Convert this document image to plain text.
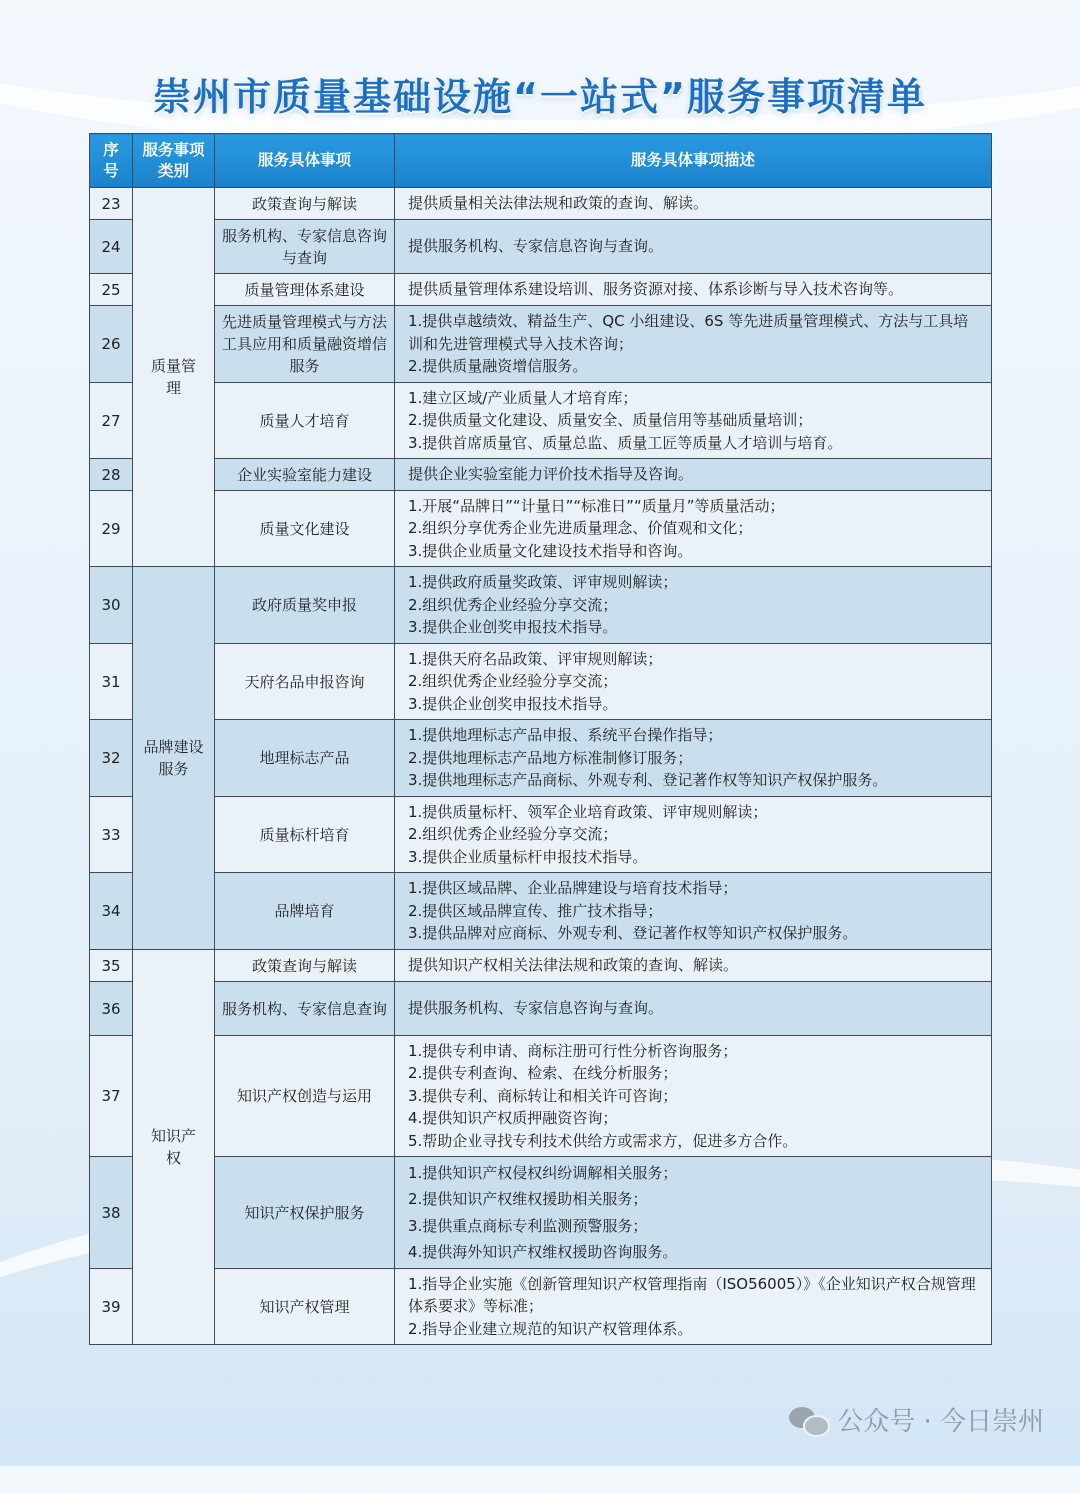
崇州市质量基础设施“一站式”服务事项清单
序号	服务事项类别	服务具体事项	服务具体事项描述
23	质量管理	政策查询与解读	提供质量相关法律法规和政策的查询、解读。

24		服务机构、专家信息咨询与查询	提供服务机构、专家信息咨询与查询。

25		质量管理体系建设	提供质量管理体系建设培训、服务资源对接、体系诊断与导入技术咨询等。

26		先进质量管理模式与方法工具应用和质量融资增信服务	1.提供卓越绩效、精益生产、QC 小组建设、6S 等先进质量管理模式、方法与工具培训和先进管理模式导入技术咨询；
2.提供质量融资增信服务。

27		质量人才培育	1.建立区域/产业质量人才培育库；
2.提供质量文化建设、质量安全、质量信用等基础质量培训；
3.提供首席质量官、质量总监、质量工匠等质量人才培训与培育。

28		企业实验室能力建设	提供企业实验室能力评价技术指导及咨询。

29		质量文化建设	1.开展“品牌日”“计量日”“标准日”“质量月”等质量活动；
2.组织分享优秀企业先进质量理念、价值观和文化；
3.提供企业质量文化建设技术指导和咨询。

30	品牌建设服务	政府质量奖申报	1.提供政府质量奖政策、评审规则解读；
2.组织优秀企业经验分享交流；
3.提供企业创奖申报技术指导。

31		天府名品申报咨询	1.提供天府名品政策、评审规则解读；
2.组织优秀企业经验分享交流；
3.提供企业创奖申报技术指导。

32		地理标志产品	1.提供地理标志产品申报、系统平台操作指导；
2.提供地理标志产品地方标准制修订服务；
3.提供地理标志产品商标、外观专利、登记著作权等知识产权保护服务。

33		质量标杆培育	1.提供质量标杆、领军企业培育政策、评审规则解读；
2.组织优秀企业经验分享交流；
3.提供企业质量标杆申报技术指导。

34		品牌培育	1.提供区域品牌、企业品牌建设与培育技术指导；
2.提供区域品牌宣传、推广技术指导；
3.提供品牌对应商标、外观专利、登记著作权等知识产权保护服务。

35	知识产权	政策查询与解读	提供知识产权相关法律法规和政策的查询、解读。

36		服务机构、专家信息查询	提供服务机构、专家信息咨询与查询。

37		知识产权创造与运用	1.提供专利申请、商标注册可行性分析咨询服务；
2.提供专利查询、检索、在线分析服务；
3.提供专利、商标转让和相关许可咨询；
4.提供知识产权质押融资咨询；
5.帮助企业寻找专利技术供给方或需求方，促进多方合作。

38		知识产权保护服务	1.提供知识产权侵权纠纷调解相关服务；
2.提供知识产权维权援助相关服务；
3.提供重点商标专利监测预警服务；
4.提供海外知识产权维权援助咨询服务。

39		知识产权管理	1.指导企业实施《创新管理知识产权管理指南（ISO56005）》《企业知识产权合规管理体系要求》等标准；
2.指导企业建立规范的知识产权管理体系。
公众号 · 今日崇州
